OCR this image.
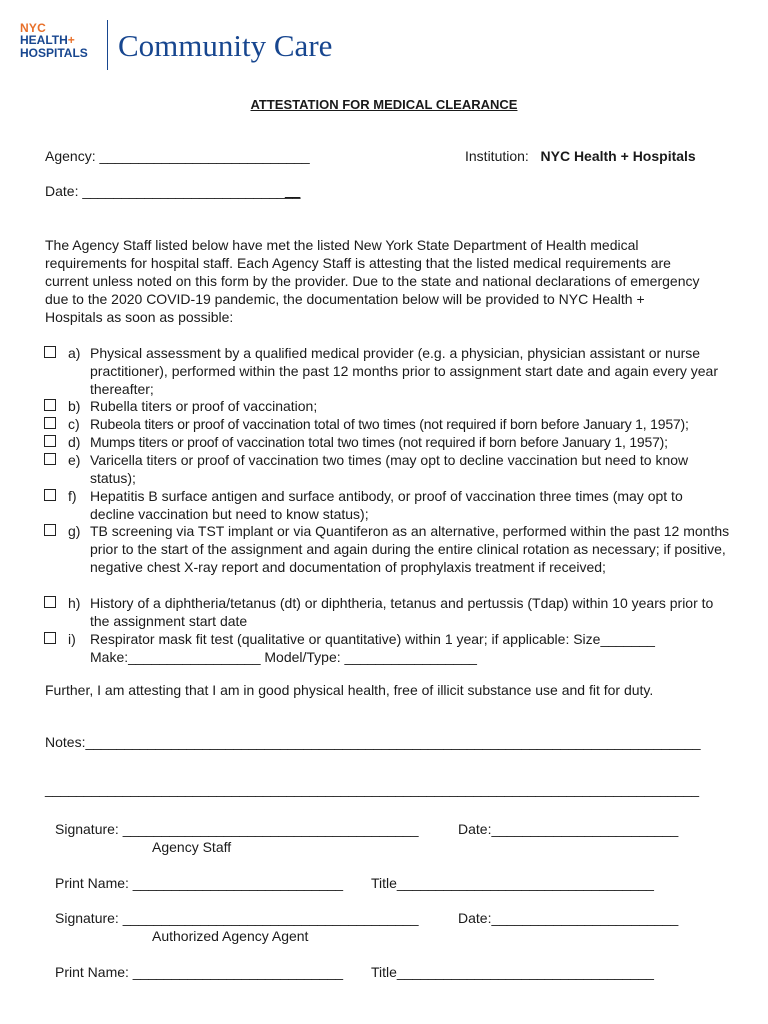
NYC
HEALTH+
HOSPITALS Community Care
ATTESTATION FOR MEDICAL CLEARANCE
Agency: ___________________________	Institution: NYC Health + Hospitals
Date: ____________________________
The Agency Staff listed below have met the listed New York State Department of Health medical requirements for hospital staff. Each Agency Staff is attesting that the listed medical requirements are current unless noted on this form by the provider. Due to the state and national declarations of emergency due to the 2020 COVID-19 pandemic, the documentation below will be provided to NYC Health + Hospitals as soon as possible:
a) Physical assessment by a qualified medical provider (e.g. a physician, physician assistant or nurse practitioner), performed within the past 12 months prior to assignment start date and again every year thereafter;
b) Rubella titers or proof of vaccination;
c) Rubeola titers or proof of vaccination total of two times (not required if born before January 1, 1957);
d) Mumps titers or proof of vaccination total two times (not required if born before January 1, 1957);
e) Varicella titers or proof of vaccination two times (may opt to decline vaccination but need to know status);
f) Hepatitis B surface antigen and surface antibody, or proof of vaccination three times (may opt to decline vaccination but need to know status);
g) TB screening via TST implant or via Quantiferon as an alternative, performed within the past 12 months prior to the start of the assignment and again during the entire clinical rotation as necessary; if positive, negative chest X-ray report and documentation of prophylaxis treatment if received;
h) History of a diphtheria/tetanus (dt) or diphtheria, tetanus and pertussis (Tdap) within 10 years prior to the assignment start date
i) Respirator mask fit test (qualitative or quantitative) within 1 year; if applicable: Size_______ Make:_________________ Model/Type: _________________
Further, I am attesting that I am in good physical health, free of illicit substance use and fit for duty.
Notes:_______________________________________________________________________________
____________________________________________________________________________________
Signature: ______________________________________	Date:________________________
Agency Staff
Print Name: ___________________________ Title_________________________________
Signature: ______________________________________	Date:________________________
Authorized Agency Agent
Print Name: ___________________________ Title_________________________________
